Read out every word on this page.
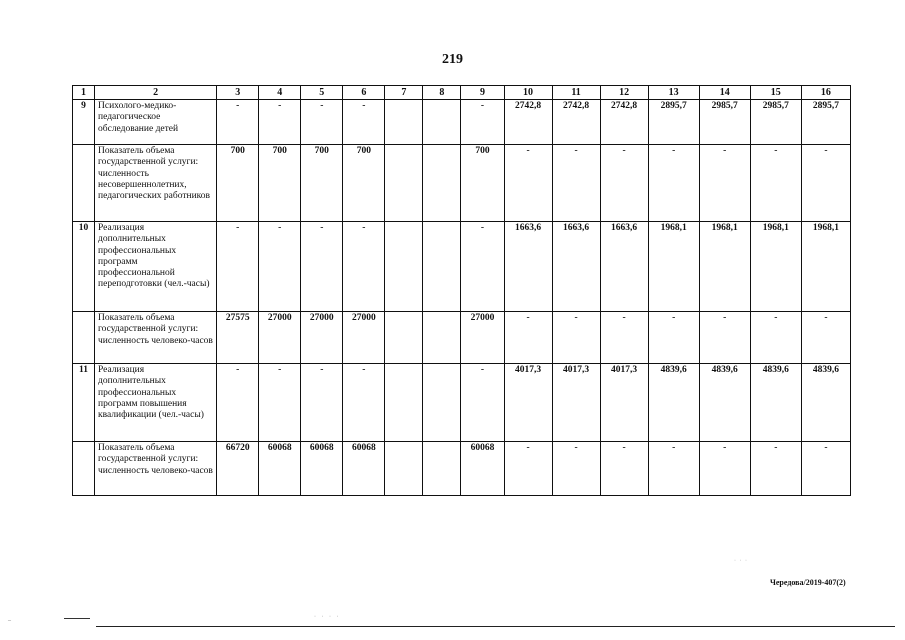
219
1	2	3	4	5	6	7	8	9	10	11	12	13	14	15	16
9	Психолого-медико-педагогическое обследование детей	-	-	-	-			-	2742,8	2742,8	2742,8	2895,7	2985,7	2985,7	2895,7
	Показатель объема государственной услуги: численность несовершеннолетних, педагогических работников	700	700	700	700			700	-	-	-	-	-	-	-
10	Реализация дополнительных профессиональных программ профессиональной переподготовки (чел.-часы)	-	-	-	-			-	1663,6	1663,6	1663,6	1968,1	1968,1	1968,1	1968,1
	Показатель объема государственной услуги: численность человеко-часов	27575	27000	27000	27000			27000	-	-	-	-	-	-	-
11	Реализация дополнительных профессиональных программ повышения квалификации (чел.-часы)	-	-	-	-			-	4017,3	4017,3	4017,3	4839,6	4839,6	4839,6	4839,6
	Показатель объема государственной услуги: численность человеко-часов	66720	60068	60068	60068			60068	-	-	-	-	-	-	-
· · ·
Чередова/2019-407(2)
–
· · · ·
